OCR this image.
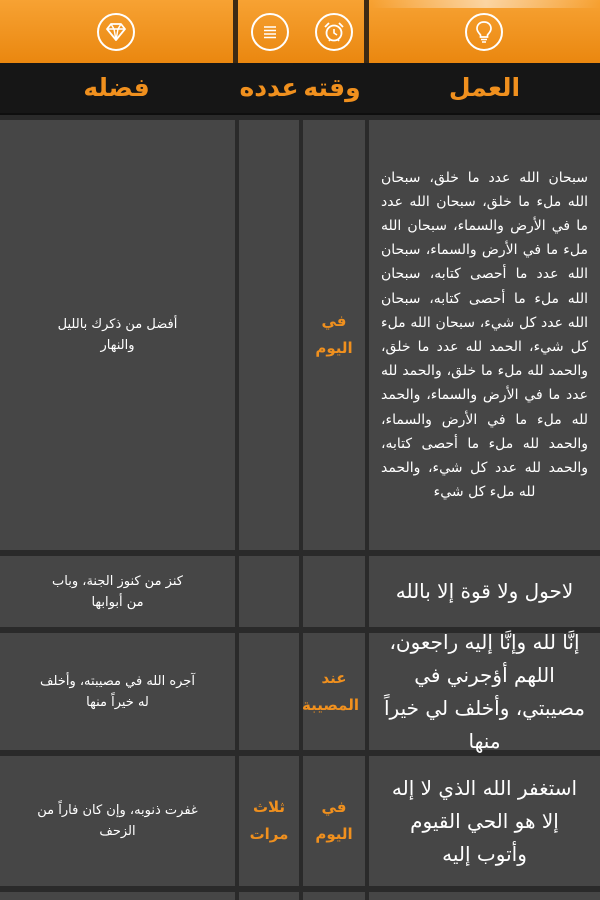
فضله	عدده وقته	العمل
سبحان الله عدد ما خلق، سبحان الله ملء ما خلق، سبحان الله عدد ما في الأرض والسماء، سبحان الله ملء ما في الأرض والسماء، سبحان الله عدد ما أحصى كتابه، سبحان الله ملء ما أحصى كتابه، سبحان الله عدد كل شيء، سبحان الله ملء كل شيء، الحمد لله عدد ما خلق، والحمد لله ملء ما خلق، والحمد لله عدد ما في الأرض والسماء، والحمد لله ملء ما في الأرض والسماء، والحمد لله ملء ما أحصى كتابه، والحمد لله عدد كل شيء، والحمد لله ملء كل شيء
في اليوم
أفضل من ذكرك بالليل والنهار
لاحول ولا قوة إلا بالله
كنز من كنوز الجنة، وباب من أبوابها
إنَّا لله وإنَّا إليه راجعون، اللهم أؤجرني في مصيبتي، وأخلف لي خيراً منها
عند المصيبة
آجره الله في مصيبته، وأخلف له خيراً منها
استغفر الله الذي لا إله إلا هو الحي القيوم وأتوب إليه
في اليوم
ثلاث مرات
غفرت ذنوبه، وإن كان فاراً من الزحف
